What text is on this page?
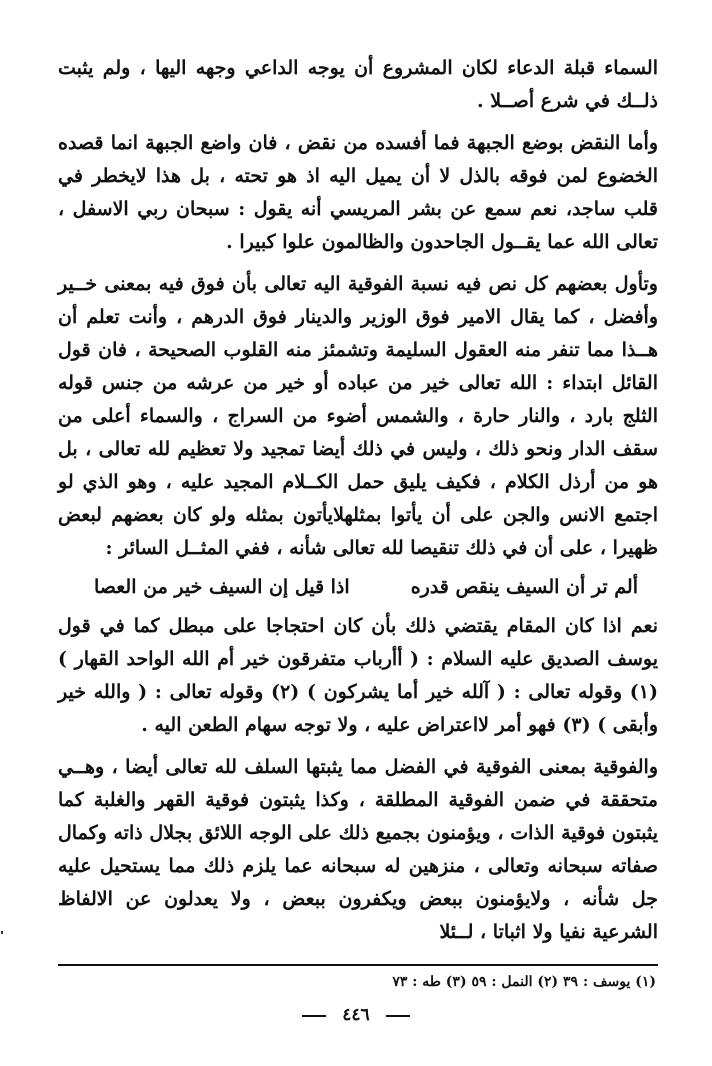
السماء قبلة الدعاء لكان المشروع أن يوجه الداعي وجهه اليها ، ولم يثبت ذلــك في شرع أصــلا .

وأما النقض بوضع الجبهة فما أفسده من نقض ، فان واضع الجبهة انما قصده الخضوع لمن فوقه بالذل لا أن يميل اليه اذ هو تحته ، بل هذا لايخطر في قلب ساجد، نعم سمع عن بشر المريسي أنه يقول : سبحان ربي الاسفل ، تعالى الله عما يقــول الجاحدون والظالمون علوا كبيرا .

وتأول بعضهم كل نص فيه نسبة الفوقية اليه تعالى بأن فوق فيه بمعنى خــير وأفضل ، كما يقال الامير فوق الوزير والدينار فوق الدرهم ، وأنت تعلم أن هــذا مما تنفر منه العقول السليمة وتشمئز منه القلوب الصحيحة ، فان قول القائل ابتداء : الله تعالى خير من عباده أو خير من عرشه من جنس قوله الثلج بارد ، والنار حارة ، والشمس أضوء من السراج ، والسماء أعلى من سقف الدار ونحو ذلك ، وليس في ذلك أيضا تمجيد ولا تعظيم لله تعالى ، بل هو من أرذل الكلام ، فكيف يليق حمل الكــلام المجيد عليه ، وهو الذي لو اجتمع الانس والجن على أن يأتوا بمثلهلايأتون بمثله ولو كان بعضهم لبعض ظهيرا ، على أن في ذلك تنقيصا لله تعالى شأنه ، ففي المثــل السائر :

ألم تر أن السيف ينقص قدره
اذا قيل إن السيف خير من العصا

نعم اذا كان المقام يقتضي ذلك بأن كان احتجاجا على مبطل كما في قول يوسف الصديق عليه السلام : ( أأرباب متفرقون خير أم الله الواحد القهار ) (١) وقوله تعالى : ( آلله خير أما يشركون ) (٢) وقوله تعالى : ( والله خير وأبقى ) (٣) فهو أمر لااعتراض عليه ، ولا توجه سهام الطعن اليه .

والفوقية بمعنى الفوقية في الفضل مما يثبتها السلف لله تعالى أيضا ، وهــي متحققة في ضمن الفوقية المطلقة ، وكذا يثبتون فوقية القهر والغلبة كما يثبتون فوقية الذات ، ويؤمنون بجميع ذلك على الوجه اللائق بجلال ذاته وكمال صفاته سبحانه وتعالى ، منزهين له سبحانه عما يلزم ذلك مما يستحيل عليه جل شأنه ، ولايؤمنون ببعض ويكفرون ببعض ، ولا يعدلون عن الالفاظ الشرعية نفيا ولا اثباتا ، لــئلا

(١) يوسف : ٣٩ (٢) النمل : ٥٩ (٣) طه : ٧٣
٤٤٦
